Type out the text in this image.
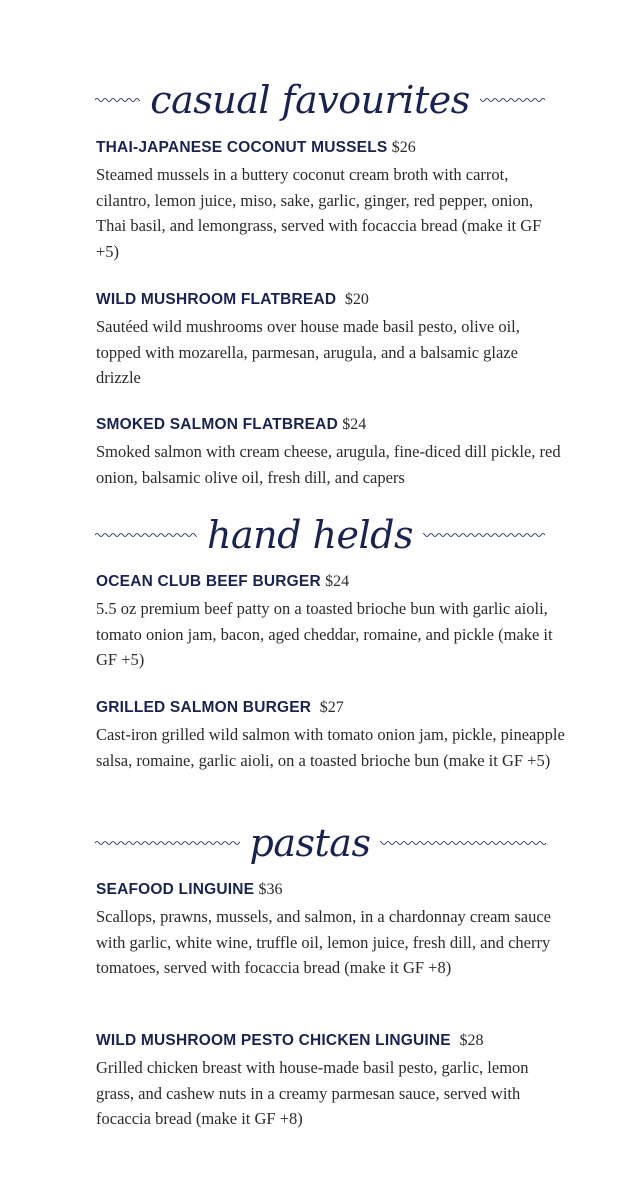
casual favourites
THAI-JAPANESE COCONUT MUSSELS $26
Steamed mussels in a buttery coconut cream broth with carrot, cilantro, lemon juice, miso, sake, garlic, ginger, red pepper, onion, Thai basil, and lemongrass, served with focaccia bread (make it GF +5)
WILD MUSHROOM FLATBREAD $20
Sautéed wild mushrooms over house made basil pesto, olive oil, topped with mozarella, parmesan, arugula, and a balsamic glaze drizzle
SMOKED SALMON FLATBREAD $24
Smoked salmon with cream cheese, arugula, fine-diced dill pickle, red onion, balsamic olive oil, fresh dill, and capers
hand helds
OCEAN CLUB BEEF BURGER $24
5.5 oz premium beef patty on a toasted brioche bun with garlic aioli, tomato onion jam, bacon, aged cheddar, romaine, and pickle (make it GF +5)
GRILLED SALMON BURGER $27
Cast-iron grilled wild salmon with tomato onion jam, pickle, pineapple salsa, romaine, garlic aioli, on a toasted brioche bun (make it GF +5)
pastas
SEAFOOD LINGUINE $36
Scallops, prawns, mussels, and salmon, in a chardonnay cream sauce with garlic, white wine, truffle oil, lemon juice, fresh dill, and cherry tomatoes, served with focaccia bread (make it GF +8)
WILD MUSHROOM PESTO CHICKEN LINGUINE $28
Grilled chicken breast with house-made basil pesto, garlic, lemon grass, and cashew nuts in a creamy parmesan sauce, served with focaccia bread (make it GF +8)
